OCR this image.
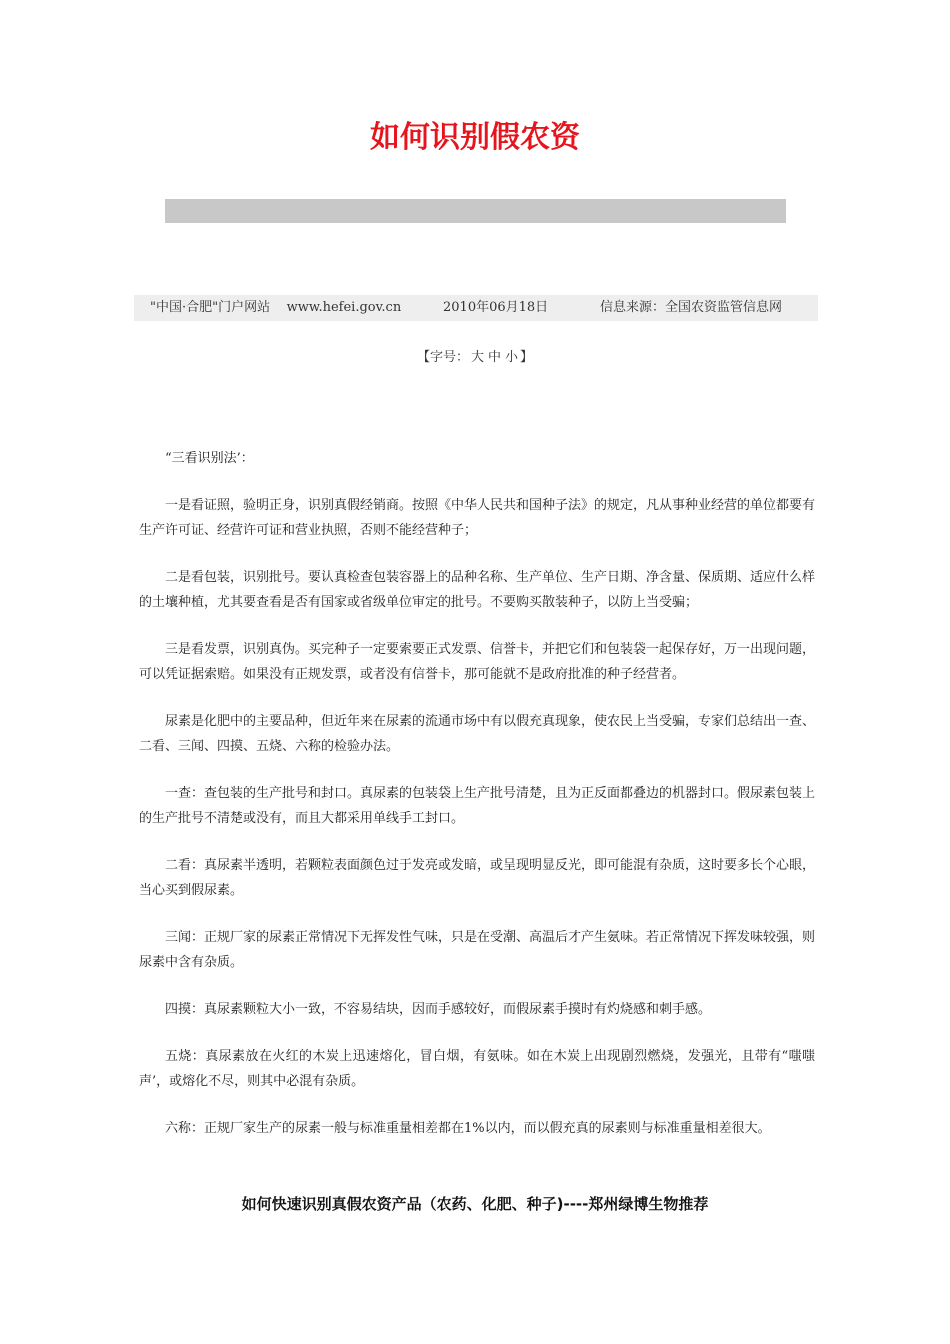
如何识别假农资
"中国·合肥"门户网站    www.hefei.gov.cn	2010年06月18日	信息来源：全国农资监管信息网
【字号： 大 中 小 】

“三看识别法’：

一是看证照，验明正身，识别真假经销商。按照《中华人民共和国种子法》的规定，凡从事种业经营的单位都要有生产许可证、经营许可证和营业执照，否则不能经营种子；

二是看包装，识别批号。要认真检查包装容器上的品种名称、生产单位、生产日期、净含量、保质期、适应什么样的土壤种植，尤其要查看是否有国家或省级单位审定的批号。不要购买散装种子，以防上当受骗；

三是看发票，识别真伪。买完种子一定要索要正式发票、信誉卡，并把它们和包装袋一起保存好，万一出现问题，可以凭证据索赔。如果没有正规发票，或者没有信誉卡，那可能就不是政府批准的种子经营者。

尿素是化肥中的主要品种，但近年来在尿素的流通市场中有以假充真现象，使农民上当受骗，专家们总结出一查、二看、三闻、四摸、五烧、六称的检验办法。

一查：查包装的生产批号和封口。真尿素的包装袋上生产批号清楚，且为正反面都叠边的机器封口。假尿素包装上的生产批号不清楚或没有，而且大都采用单线手工封口。

二看：真尿素半透明，若颗粒表面颜色过于发亮或发暗，或呈现明显反光，即可能混有杂质，这时要多长个心眼，当心买到假尿素。

三闻：正规厂家的尿素正常情况下无挥发性气味，只是在受潮、高温后才产生氨味。若正常情况下挥发味较强，则尿素中含有杂质。

四摸：真尿素颗粒大小一致，不容易结块，因而手感较好，而假尿素手摸时有灼烧感和刺手感。

五烧：真尿素放在火红的木炭上迅速熔化，冒白烟，有氨味。如在木炭上出现剧烈燃烧，发强光，且带有“嗤嗤声’，或熔化不尽，则其中必混有杂质。

六称：正规厂家生产的尿素一般与标准重量相差都在1%以内，而以假充真的尿素则与标准重量相差很大。

如何快速识别真假农资产品（农药、化肥、种子)----郑州绿博生物推荐
